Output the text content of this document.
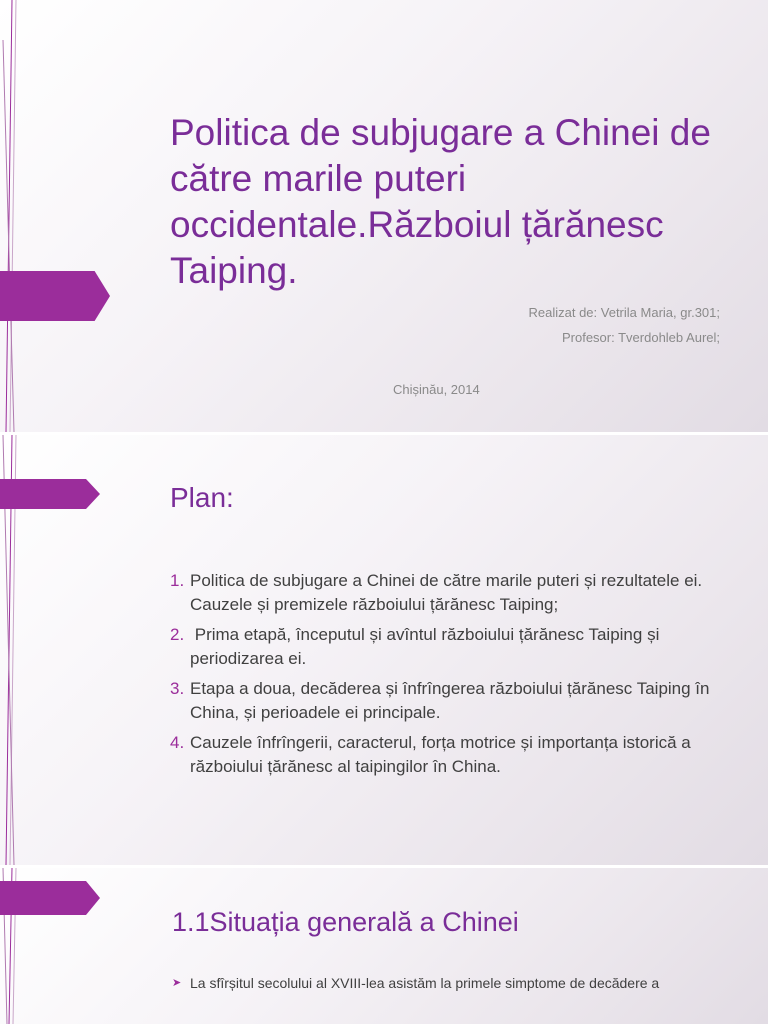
Politica de subjugare a Chinei de către marile puteri occidentale.Războiul țărănesc Taiping.

Realizat de: Vetrila Maria, gr.301;

Profesor: Tverdohleb Aurel;

Chișinău, 2014

Plan:
1. Politica de subjugare a Chinei de către marile puteri și rezultatele ei. Cauzele și premizele războiului țărănesc Taiping;
2. Prima etapă, începutul și avîntul războiului țărănesc Taiping și periodizarea ei.
3. Etapa a doua, decăderea și înfrîngerea războiului țărănesc Taiping în China, și perioadele ei principale.
4. Cauzele înfrîngerii, caracterul, forța motrice și importanța istorică a războiului țărănesc al taipingilor în China.
1.1Situația generală a Chinei
➤ La sfîrșitul secolului al XVIII-lea asistăm la primele simptome de decădere a
